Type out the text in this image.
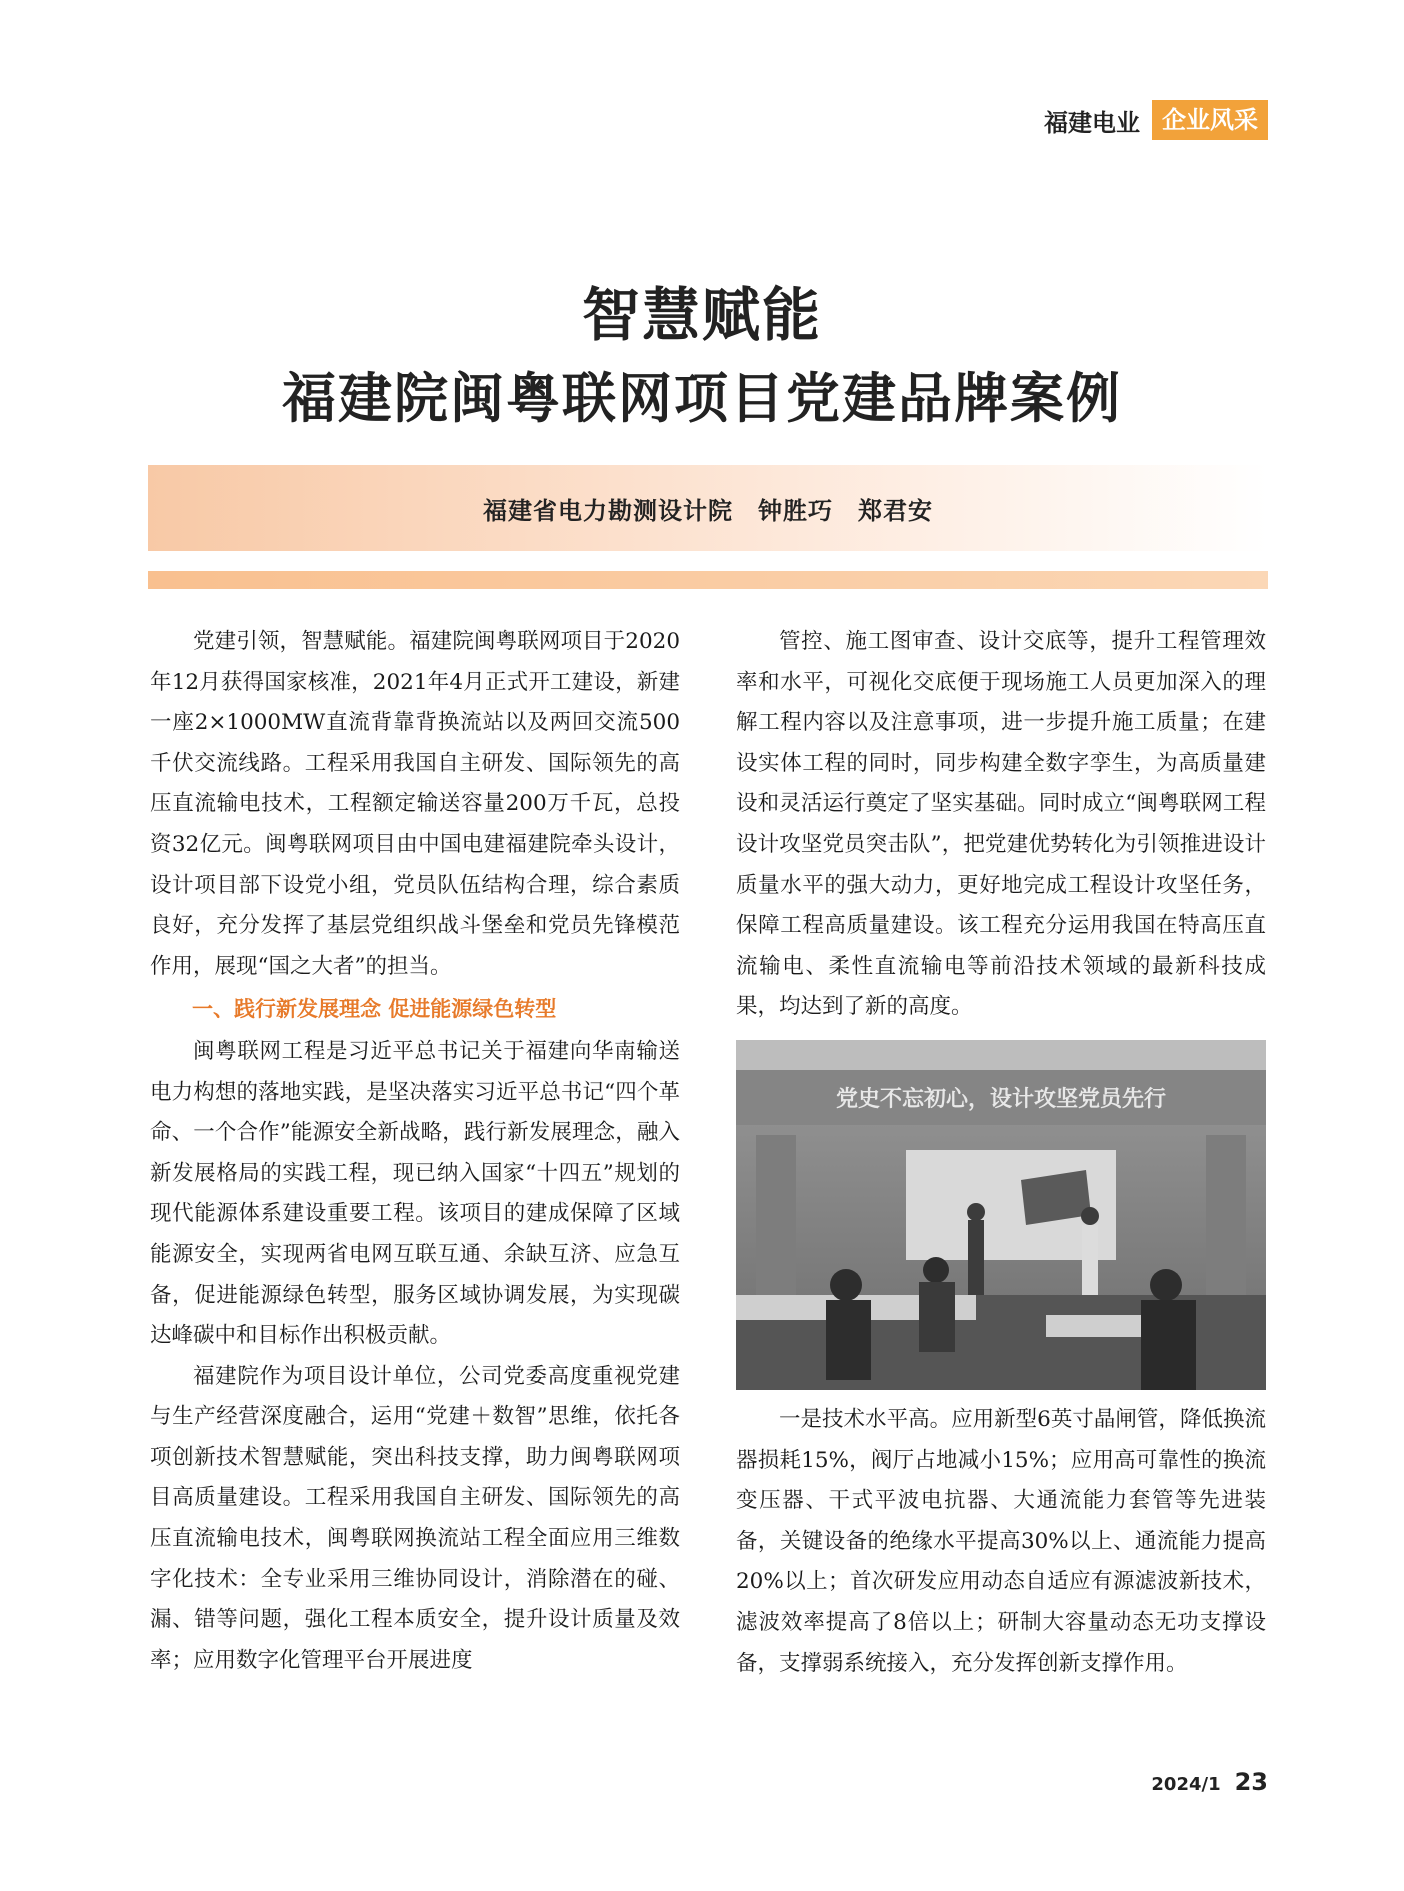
福建电业 企业风采
智慧赋能
福建院闽粤联网项目党建品牌案例
福建省电力勘测设计院　钟胜巧　郑君安

党建引领，智慧赋能。福建院闽粤联网项目于2020年12月获得国家核准，2021年4月正式开工建设，新建一座2×1000MW直流背靠背换流站以及两回交流500千伏交流线路。工程采用我国自主研发、国际领先的高压直流输电技术，工程额定输送容量200万千瓦，总投资32亿元。闽粤联网项目由中国电建福建院牵头设计，设计项目部下设党小组，党员队伍结构合理，综合素质良好，充分发挥了基层党组织战斗堡垒和党员先锋模范作用，展现“国之大者”的担当。

一、践行新发展理念 促进能源绿色转型

闽粤联网工程是习近平总书记关于福建向华南输送电力构想的落地实践，是坚决落实习近平总书记“四个革命、一个合作”能源安全新战略，践行新发展理念，融入新发展格局的实践工程，现已纳入国家“十四五”规划的现代能源体系建设重要工程。该项目的建成保障了区域能源安全，实现两省电网互联互通、余缺互济、应急互备，促进能源绿色转型，服务区域协调发展，为实现碳达峰碳中和目标作出积极贡献。

福建院作为项目设计单位，公司党委高度重视党建与生产经营深度融合，运用“党建＋数智”思维，依托各项创新技术智慧赋能，突出科技支撑，助力闽粤联网项目高质量建设。工程采用我国自主研发、国际领先的高压直流输电技术，闽粤联网换流站工程全面应用三维数字化技术：全专业采用三维协同设计，消除潜在的碰、漏、错等问题，强化工程本质安全，提升设计质量及效率；应用数字化管理平台开展进度

管控、施工图审查、设计交底等，提升工程管理效率和水平，可视化交底便于现场施工人员更加深入的理解工程内容以及注意事项，进一步提升施工质量；在建设实体工程的同时，同步构建全数字孪生，为高质量建设和灵活运行奠定了坚实基础。同时成立“闽粤联网工程设计攻坚党员突击队”，把党建优势转化为引领推进设计质量水平的强大动力，更好地完成工程设计攻坚任务，保障工程高质量建设。该工程充分运用我国在特高压直流输电、柔性直流输电等前沿技术领域的最新科技成果，均达到了新的高度。

党史不忘初心，设计攻坚党员先行

一是技术水平高。应用新型6英寸晶闸管，降低换流器损耗15%，阀厅占地减小15%；应用高可靠性的换流变压器、干式平波电抗器、大通流能力套管等先进装备，关键设备的绝缘水平提高30%以上、通流能力提高20%以上；首次研发应用动态自适应有源滤波新技术，滤波效率提高了8倍以上；研制大容量动态无功支撑设备，支撑弱系统接入，充分发挥创新支撑作用。

2024/1 23
